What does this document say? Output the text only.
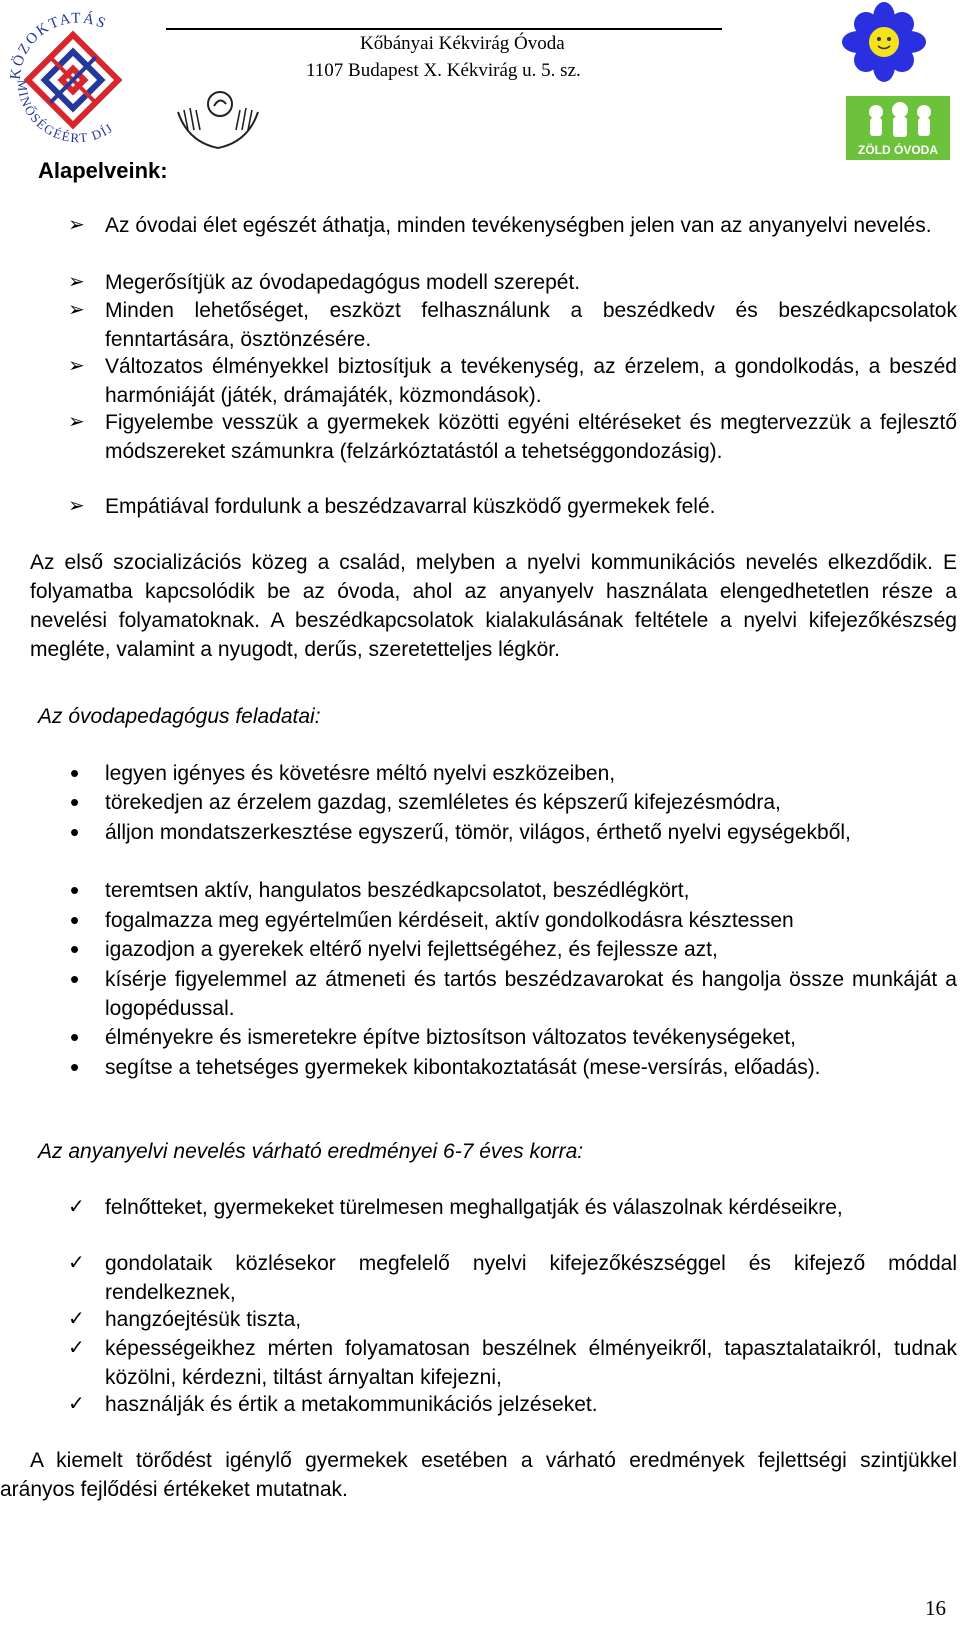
Kőbányai Kékvirág Óvoda
1107 Budapest X. Kékvirág u. 5. sz.
KÖZOKTATÁS
MINŐSÉGÉÉRT DÍJ
ZÖLD ÓVODA
Alapelveink:
➢ Az óvodai élet egészét áthatja, minden tevékenységben jelen van az anyanyelvi nevelés.
➢ Megerősítjük az óvodapedagógus modell szerepét.
➢ Minden lehetőséget, eszközt felhasználunk a beszédkedv és beszédkapcsolatok fenntartására, ösztönzésére.
➢ Változatos élményekkel biztosítjuk a tevékenység, az érzelem, a gondolkodás, a beszéd harmóniáját (játék, drámajáték, közmondások).
➢ Figyelembe vesszük a gyermekek közötti egyéni eltéréseket és megtervezzük a fejlesztő módszereket számunkra (felzárkóztatástól a tehetséggondozásig).
➢ Empátiával fordulunk a beszédzavarral küszködő gyermekek felé.
Az első szocializációs közeg a család, melyben a nyelvi kommunikációs nevelés elkezdődik. E folyamatba kapcsolódik be az óvoda, ahol az anyanyelv használata elengedhetetlen része a nevelési folyamatoknak. A beszédkapcsolatok kialakulásának feltétele a nyelvi kifejezőkészség megléte, valamint a nyugodt, derűs, szeretetteljes légkör.
Az óvodapedagógus feladatai:
•	legyen igényes és követésre méltó nyelvi eszközeiben,
•	törekedjen az érzelem gazdag, szemléletes és képszerű kifejezésmódra,
•	álljon mondatszerkesztése egyszerű, tömör, világos, érthető nyelvi egységekből,
•	teremtsen aktív, hangulatos beszédkapcsolatot, beszédlégkört,
•	fogalmazza meg egyértelműen kérdéseit, aktív gondolkodásra késztessen
•	igazodjon a gyerekek eltérő nyelvi fejlettségéhez, és fejlessze azt,
•	kísérje figyelemmel az átmeneti és tartós beszédzavarokat és hangolja össze munkáját a logopédussal.
•	élményekre és ismeretekre építve biztosítson változatos tevékenységeket,
•	segítse a tehetséges gyermekek kibontakoztatását (mese-versírás, előadás).
Az anyanyelvi nevelés várható eredményei 6-7 éves korra:
✓ felnőtteket, gyermekeket türelmesen meghallgatják és válaszolnak kérdéseikre,
✓ gondolataik közlésekor megfelelő nyelvi kifejezőkészséggel és kifejező móddal rendelkeznek,
✓ hangzóejtésük tiszta,
✓ képességeikhez mérten folyamatosan beszélnek élményeikről, tapasztalataikról, tudnak közölni, kérdezni, tiltást árnyaltan kifejezni,
✓ használják és értik a metakommunikációs jelzéseket.
A kiemelt törődést igénylő gyermekek esetében a várható eredmények fejlettségi szintjükkel arányos fejlődési értékeket mutatnak.
16
